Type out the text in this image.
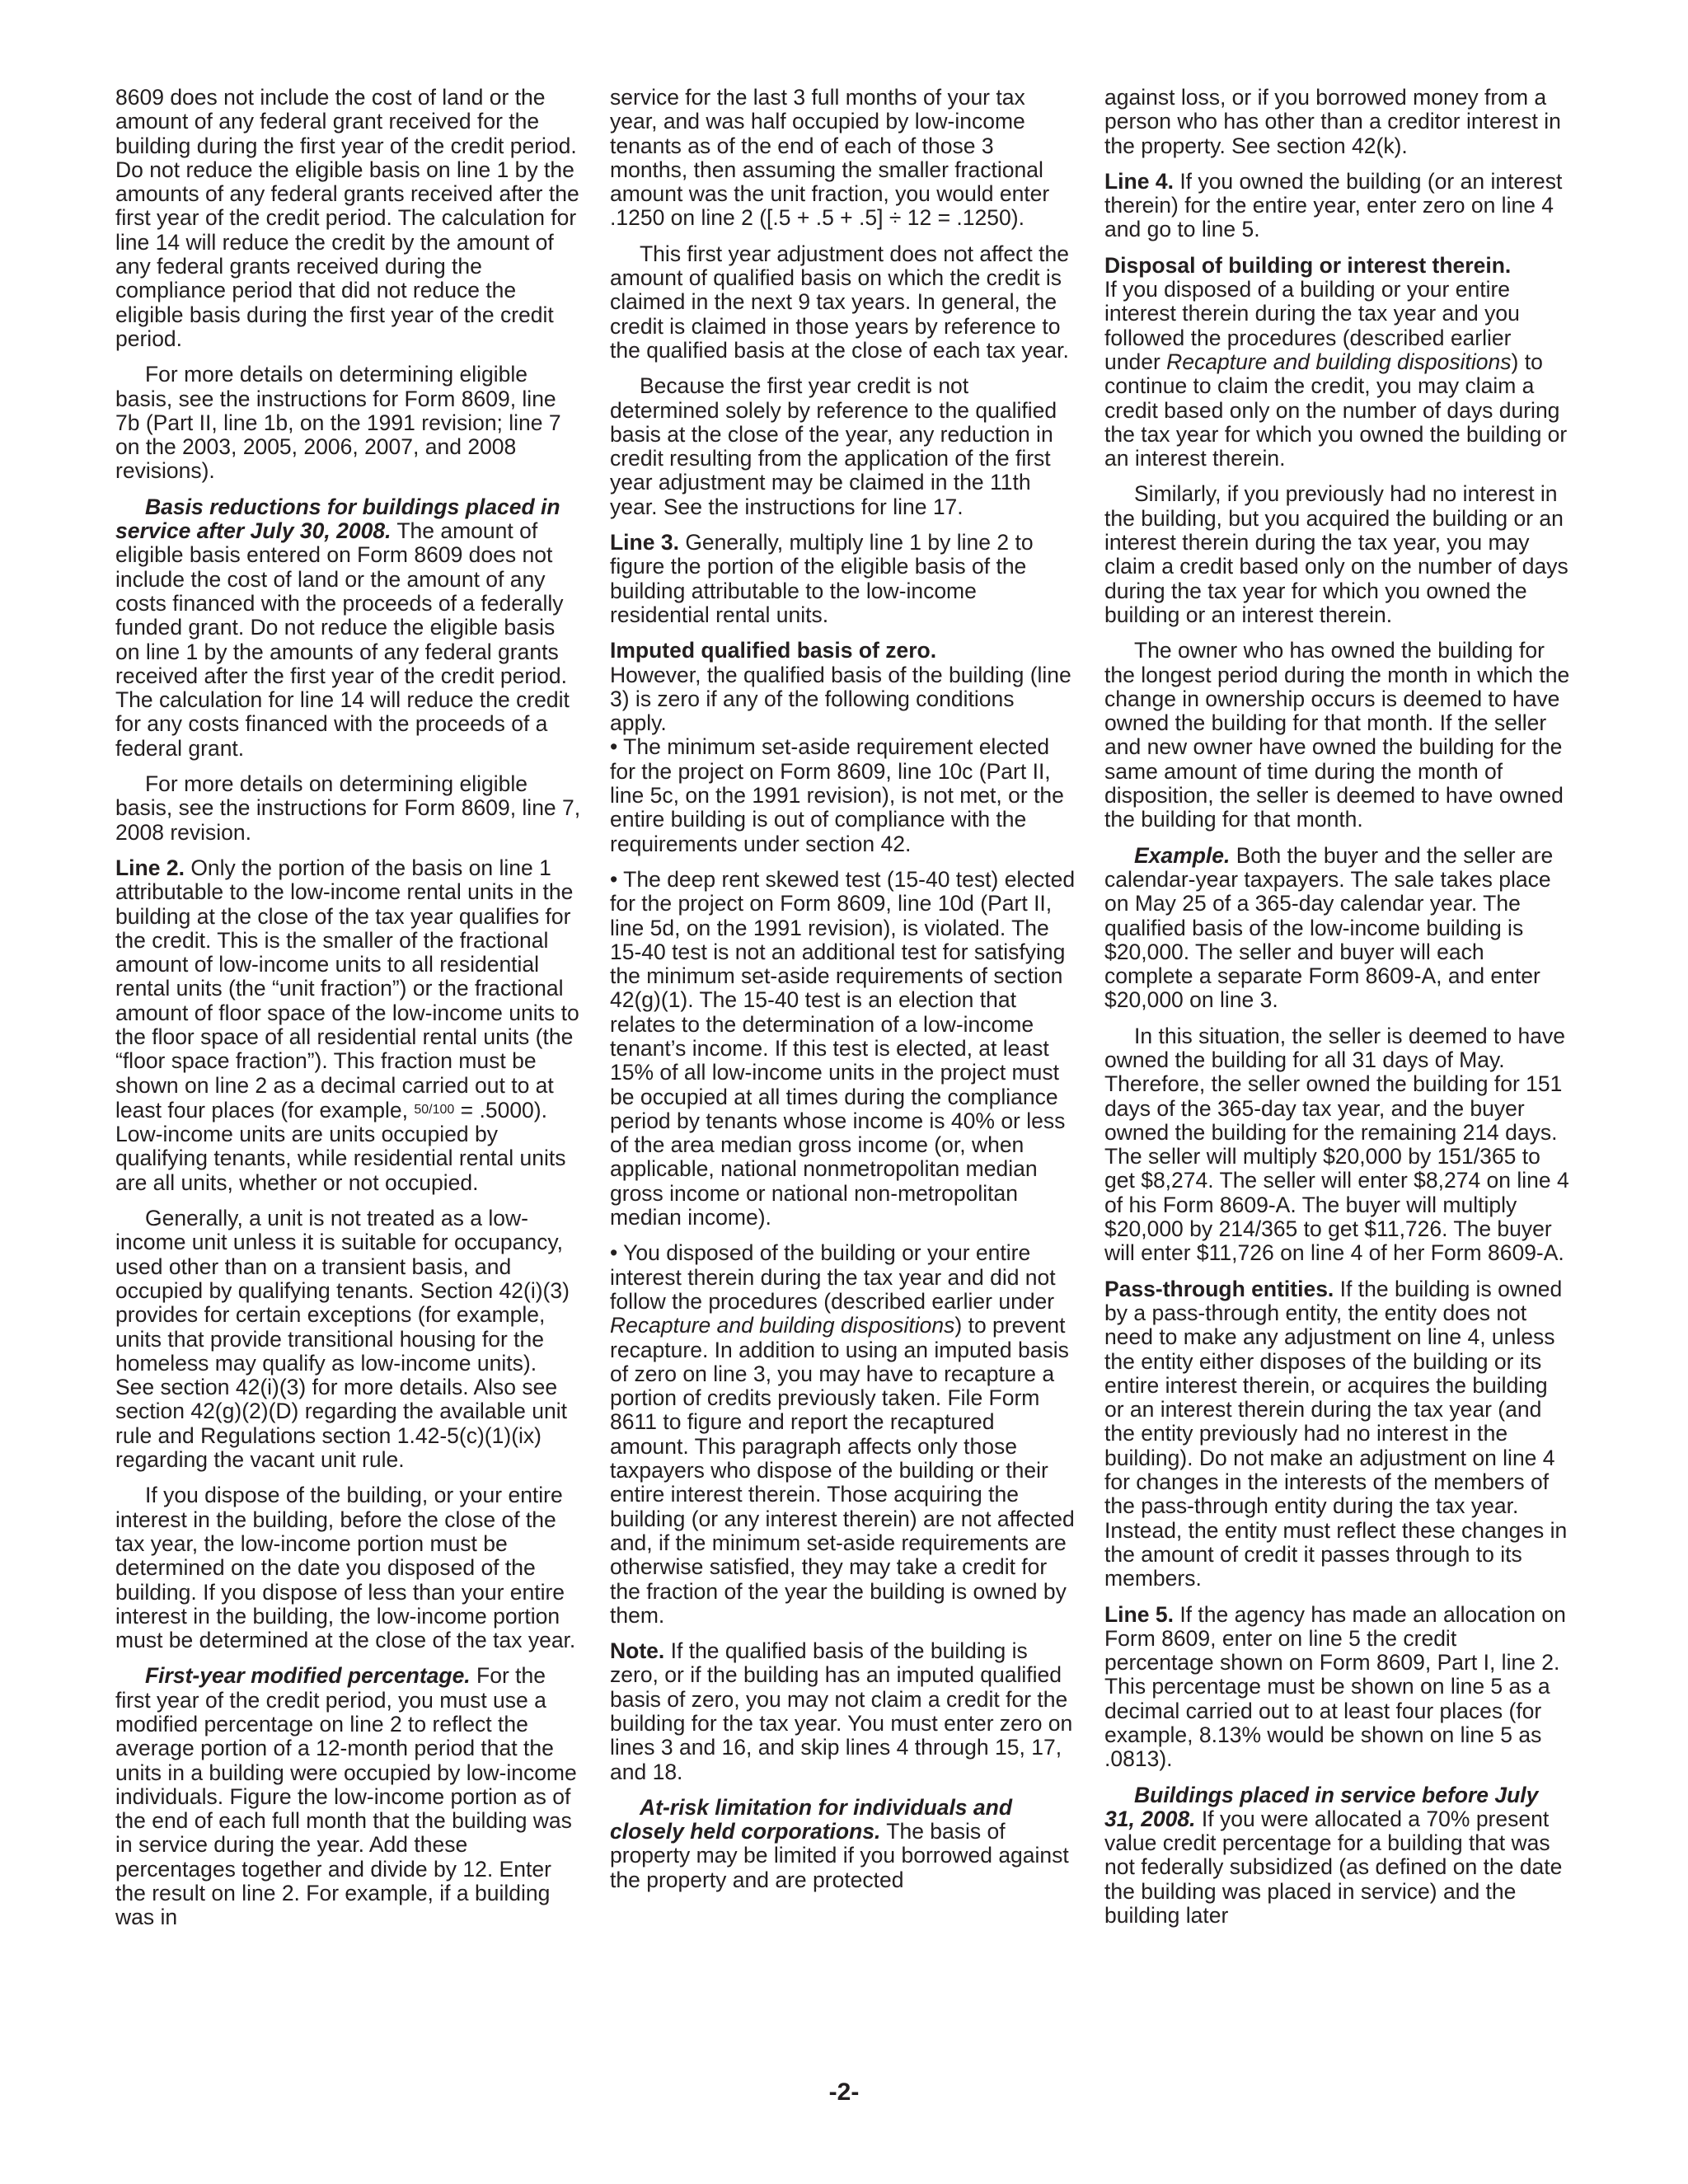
8609 does not include the cost of land or the amount of any federal grant received for the building during the first year of the credit period. Do not reduce the eligible basis on line 1 by the amounts of any federal grants received after the first year of the credit period. The calculation for line 14 will reduce the credit by the amount of any federal grants received during the compliance period that did not reduce the eligible basis during the first year of the credit period.

For more details on determining eligible basis, see the instructions for Form 8609, line 7b (Part II, line 1b, on the 1991 revision; line 7 on the 2003, 2005, 2006, 2007, and 2008 revisions).

Basis reductions for buildings placed in service after July 30, 2008. The amount of eligible basis entered on Form 8609 does not include the cost of land or the amount of any costs financed with the proceeds of a federally funded grant. Do not reduce the eligible basis on line 1 by the amounts of any federal grants received after the first year of the credit period. The calculation for line 14 will reduce the credit for any costs financed with the proceeds of a federal grant.

For more details on determining eligible basis, see the instructions for Form 8609, line 7, 2008 revision.

Line 2. Only the portion of the basis on line 1 attributable to the low-income rental units in the building at the close of the tax year qualifies for the credit. This is the smaller of the fractional amount of low-income units to all residential rental units (the “unit fraction”) or the fractional amount of floor space of the low-income units to the floor space of all residential rental units (the “floor space fraction”). This fraction must be shown on line 2 as a decimal carried out to at least four places (for example, 50/100 = .5000). Low-income units are units occupied by qualifying tenants, while residential rental units are all units, whether or not occupied.

Generally, a unit is not treated as a low-income unit unless it is suitable for occupancy, used other than on a transient basis, and occupied by qualifying tenants. Section 42(i)(3) provides for certain exceptions (for example, units that provide transitional housing for the homeless may qualify as low-income units). See section 42(i)(3) for more details. Also see section 42(g)(2)(D) regarding the available unit rule and Regulations section 1.42-5(c)(1)(ix) regarding the vacant unit rule.

If you dispose of the building, or your entire interest in the building, before the close of the tax year, the low-income portion must be determined on the date you disposed of the building. If you dispose of less than your entire interest in the building, the low-income portion must be determined at the close of the tax year.

First-year modified percentage. For the first year of the credit period, you must use a modified percentage on line 2 to reflect the average portion of a 12-month period that the units in a building were occupied by low-income individuals. Figure the low-income portion as of the end of each full month that the building was in service during the year. Add these percentages together and divide by 12. Enter the result on line 2. For example, if a building was in

service for the last 3 full months of your tax year, and was half occupied by low-income tenants as of the end of each of those 3 months, then assuming the smaller fractional amount was the unit fraction, you would enter .1250 on line 2 ([.5 + .5 + .5] ÷ 12 = .1250).

This first year adjustment does not affect the amount of qualified basis on which the credit is claimed in the next 9 tax years. In general, the credit is claimed in those years by reference to the qualified basis at the close of each tax year.

Because the first year credit is not determined solely by reference to the qualified basis at the close of the year, any reduction in credit resulting from the application of the first year adjustment may be claimed in the 11th year. See the instructions for line 17.

Line 3. Generally, multiply line 1 by line 2 to figure the portion of the eligible basis of the building attributable to the low-income residential rental units.

Imputed qualified basis of zero.
However, the qualified basis of the building (line 3) is zero if any of the following conditions apply.

• The minimum set-aside requirement elected for the project on Form 8609, line 10c (Part II, line 5c, on the 1991 revision), is not met, or the entire building is out of compliance with the requirements under section 42.

• The deep rent skewed test (15-40 test) elected for the project on Form 8609, line 10d (Part II, line 5d, on the 1991 revision), is violated. The 15-40 test is not an additional test for satisfying the minimum set-aside requirements of section 42(g)(1). The 15-40 test is an election that relates to the determination of a low-income tenant’s income. If this test is elected, at least 15% of all low-income units in the project must be occupied at all times during the compliance period by tenants whose income is 40% or less of the area median gross income (or, when applicable, national nonmetropolitan median gross income or national non-metropolitan median income).

• You disposed of the building or your entire interest therein during the tax year and did not follow the procedures (described earlier under Recapture and building dispositions) to prevent recapture. In addition to using an imputed basis of zero on line 3, you may have to recapture a portion of credits previously taken. File Form 8611 to figure and report the recaptured amount. This paragraph affects only those taxpayers who dispose of the building or their entire interest therein. Those acquiring the building (or any interest therein) are not affected and, if the minimum set-aside requirements are otherwise satisfied, they may take a credit for the fraction of the year the building is owned by them.

Note. If the qualified basis of the building is zero, or if the building has an imputed qualified basis of zero, you may not claim a credit for the building for the tax year. You must enter zero on lines 3 and 16, and skip lines 4 through 15, 17, and 18.

At-risk limitation for individuals and closely held corporations. The basis of property may be limited if you borrowed against the property and are protected

against loss, or if you borrowed money from a person who has other than a creditor interest in the property. See section 42(k).

Line 4. If you owned the building (or an interest therein) for the entire year, enter zero on line 4 and go to line 5.

Disposal of building or interest therein.
If you disposed of a building or your entire interest therein during the tax year and you followed the procedures (described earlier under Recapture and building dispositions) to continue to claim the credit, you may claim a credit based only on the number of days during the tax year for which you owned the building or an interest therein.

Similarly, if you previously had no interest in the building, but you acquired the building or an interest therein during the tax year, you may claim a credit based only on the number of days during the tax year for which you owned the building or an interest therein.

The owner who has owned the building for the longest period during the month in which the change in ownership occurs is deemed to have owned the building for that month. If the seller and new owner have owned the building for the same amount of time during the month of disposition, the seller is deemed to have owned the building for that month.

Example. Both the buyer and the seller are calendar-year taxpayers. The sale takes place on May 25 of a 365-day calendar year. The qualified basis of the low-income building is $20,000. The seller and buyer will each complete a separate Form 8609-A, and enter $20,000 on line 3.

In this situation, the seller is deemed to have owned the building for all 31 days of May. Therefore, the seller owned the building for 151 days of the 365-day tax year, and the buyer owned the building for the remaining 214 days. The seller will multiply $20,000 by 151/365 to get $8,274. The seller will enter $8,274 on line 4 of his Form 8609-A. The buyer will multiply $20,000 by 214/365 to get $11,726. The buyer will enter $11,726 on line 4 of her Form 8609-A.

Pass-through entities. If the building is owned by a pass-through entity, the entity does not need to make any adjustment on line 4, unless the entity either disposes of the building or its entire interest therein, or acquires the building or an interest therein during the tax year (and the entity previously had no interest in the building). Do not make an adjustment on line 4 for changes in the interests of the members of the pass-through entity during the tax year. Instead, the entity must reflect these changes in the amount of credit it passes through to its members.

Line 5. If the agency has made an allocation on Form 8609, enter on line 5 the credit percentage shown on Form 8609, Part I, line 2. This percentage must be shown on line 5 as a decimal carried out to at least four places (for example, 8.13% would be shown on line 5 as .0813).

Buildings placed in service before July 31, 2008. If you were allocated a 70% present value credit percentage for a building that was not federally subsidized (as defined on the date the building was placed in service) and the building later

-2-
